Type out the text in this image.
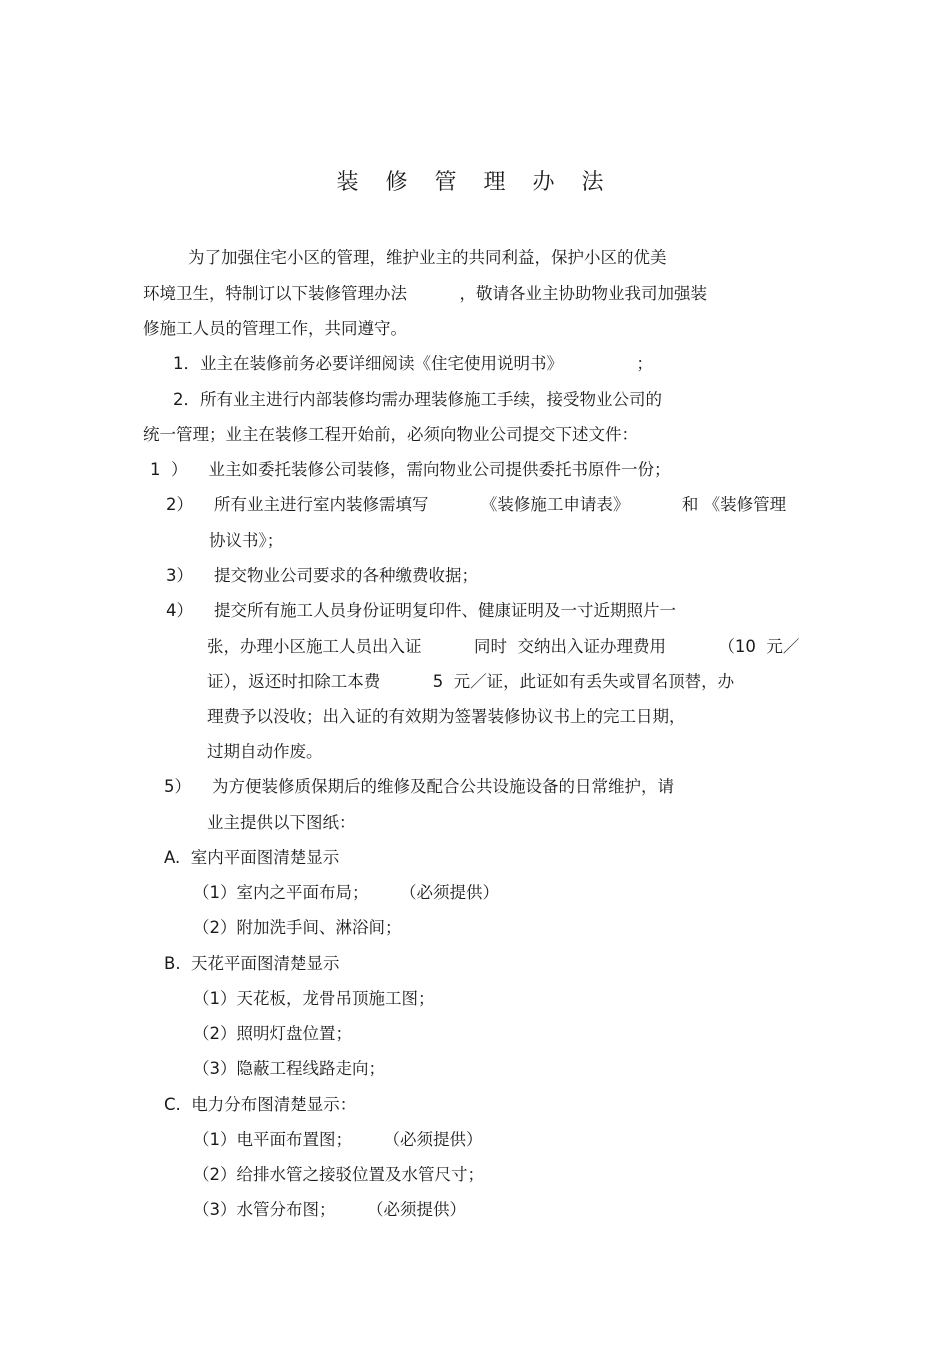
装 修 管 理 办 法
为了加强住宅小区的管理，维护业主的共同利益，保护小区的优美
环境卫生，特制订以下装修管理办法          ，敬请各业主协助物业我司加强装
修施工人员的管理工作，共同遵守。
1．业主在装修前务必要详细阅读《住宅使用说明书》              ；
2．所有业主进行内部装修均需办理装修施工手续，接受物业公司的
统一管理；业主在装修工程开始前，必须向物业公司提交下述文件：
1  ）    业主如委托装修公司装修，需向物业公司提供委托书原件一份；
2）    所有业主进行室内装修需填写          《装修施工申请表》          和 《装修管理
协议书》；
3）    提交物业公司要求的各种缴费收据；
4）    提交所有施工人员身份证明复印件、健康证明及一寸近期照片一
张，办理小区施工人员出入证          同时  交纳出入证办理费用          （10  元／
证），返还时扣除工本费          5  元／证，此证如有丢失或冒名顶替，办
理费予以没收；出入证的有效期为签署装修协议书上的完工日期，
过期自动作废。
5）    为方便装修质保期后的维修及配合公共设施设备的日常维护，请
业主提供以下图纸：
A.  室内平面图清楚显示
（1）室内之平面布局；      （必须提供）
（2）附加洗手间、淋浴间；
B.  天花平面图清楚显示
（1）天花板，龙骨吊顶施工图；
（2）照明灯盘位置；
（3）隐蔽工程线路走向；
C.  电力分布图清楚显示：
（1）电平面布置图；      （必须提供）
（2）给排水管之接驳位置及水管尺寸；
（3）水管分布图；      （必须提供）
